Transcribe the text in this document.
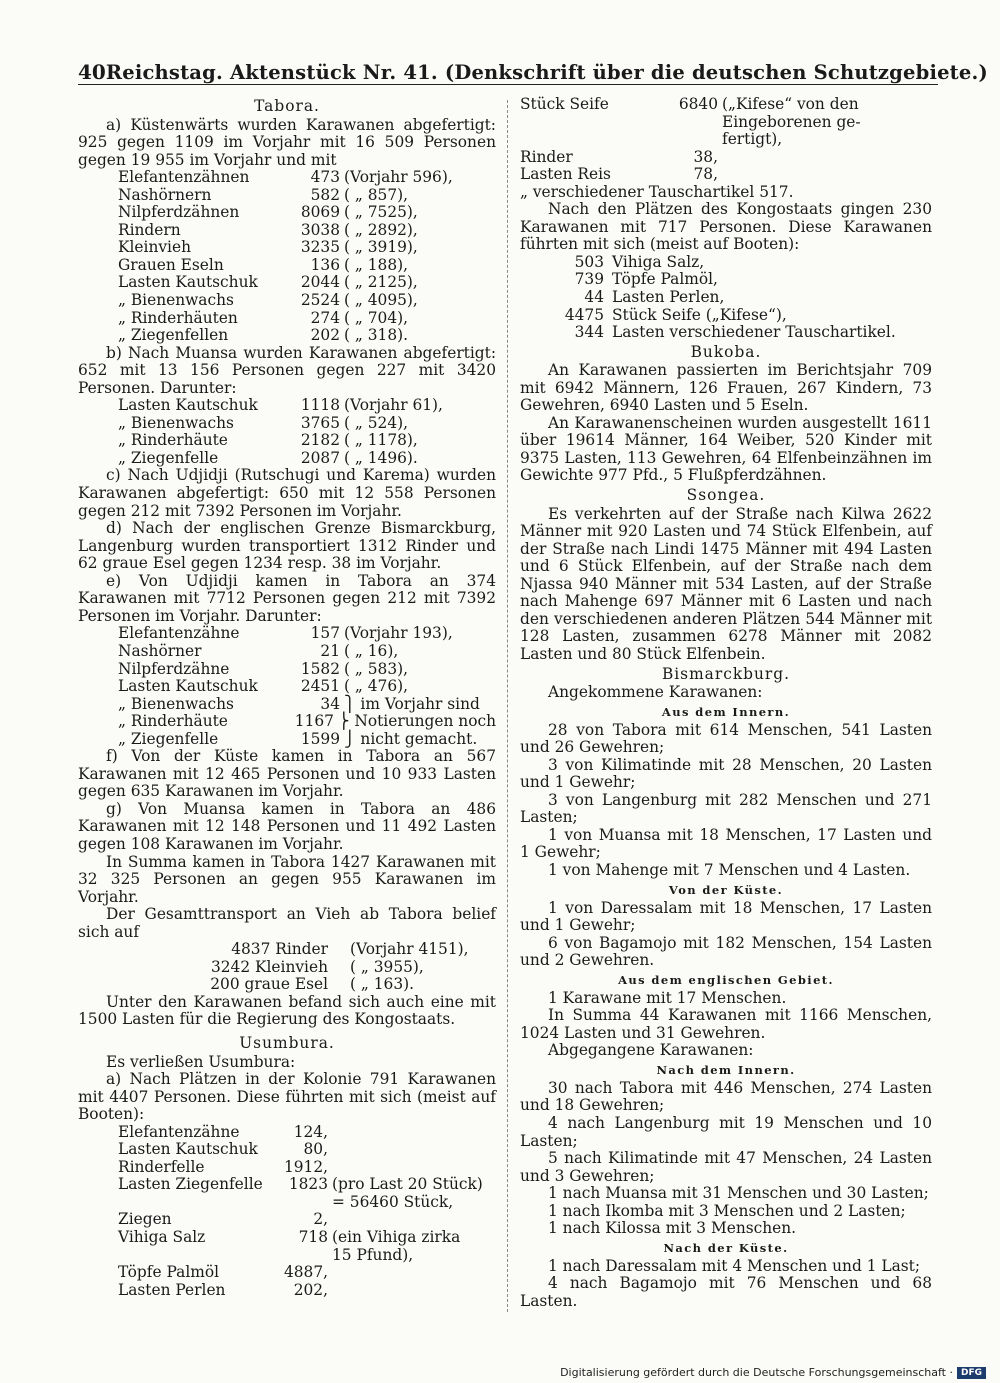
40 Reichstag. Aktenstück Nr. 41. (Denkschrift über die deutschen Schutzgebiete.)

Tabora.

a) Küstenwärts wurden Karawanen abgefertigt: 925 gegen 1109 im Vorjahr mit 16 509 Personen gegen 19 955 im Vorjahr und mit

Elefantenzähnen	473 (Vorjahr 596),
Nashörnern	582 ( „ 857),
Nilpferdzähnen	8069 ( „ 7525),
Rindern	3038 ( „ 2892),
Kleinvieh	3235 ( „ 3919),
Grauen Eseln	136 ( „ 188),
Lasten Kautschuk	2044 ( „ 2125),
„ Bienenwachs	2524 ( „ 4095),
„ Rinderhäuten	274 ( „ 704),
„ Ziegenfellen	202 ( „ 318).

b) Nach Muansa wurden Karawanen abgefertigt: 652 mit 13 156 Personen gegen 227 mit 3420 Personen. Darunter:

Lasten Kautschuk	1118 (Vorjahr 61),
„ Bienenwachs	3765 ( „ 524),
„ Rinderhäute	2182 ( „ 1178),
„ Ziegenfelle	2087 ( „ 1496).

c) Nach Udjidji (Rutschugi und Karema) wurden Karawanen abgefertigt: 650 mit 12 558 Personen gegen 212 mit 7392 Personen im Vorjahr.

d) Nach der englischen Grenze Bismarckburg, Langenburg wurden transportiert 1312 Rinder und 62 graue Esel gegen 1234 resp. 38 im Vorjahr.

e) Von Udjidji kamen in Tabora an 374 Karawanen mit 7712 Personen gegen 212 mit 7392 Personen im Vorjahr. Darunter:

Elefantenzähne	157 (Vorjahr 193),
Nashörner	21 ( „ 16),
Nilpferdzähne	1582 ( „ 583),
Lasten Kautschuk	2451 ( „ 476),
„ Bienenwachs	34 ⎫ im Vorjahr sind
„ Rinderhäute	1167 ⎬ Notierungen noch
„ Ziegenfelle	1599 ⎭ nicht gemacht.

f) Von der Küste kamen in Tabora an 567 Karawanen mit 12 465 Personen und 10 933 Lasten gegen 635 Karawanen im Vorjahr.

g) Von Muansa kamen in Tabora an 486 Karawanen mit 12 148 Personen und 11 492 Lasten gegen 108 Karawanen im Vorjahr.

In Summa kamen in Tabora 1427 Karawanen mit 32 325 Personen an gegen 955 Karawanen im Vorjahr.

Der Gesamttransport an Vieh ab Tabora belief sich auf

4837 Rinder	(Vorjahr 4151),
3242 Kleinvieh	( „ 3955),
200 graue Esel	( „ 163).

Unter den Karawanen befand sich auch eine mit 1500 Lasten für die Regierung des Kongostaats.

Usumbura.

Es verließen Usumbura:

a) Nach Plätzen in der Kolonie 791 Karawanen mit 4407 Personen. Diese führten mit sich (meist auf Booten):

Elefantenzähne	124,
Lasten Kautschuk	80,
Rinderfelle	1912,
Lasten Ziegenfelle	1823 (pro Last 20 Stück)
= 56460 Stück,
Ziegen	2,
Vihiga Salz	718 (ein Vihiga zirka
15 Pfund),
Töpfe Palmöl	4887,
Lasten Perlen	202,
Stück Seife	6840 („Kifese“ von den
Eingeborenen ge-
fertigt),
Rinder	38,
Lasten Reis	78,
„ verschiedener Tauschartikel 517.

Nach den Plätzen des Kongostaats gingen 230 Karawanen mit 717 Personen. Diese Karawanen führten mit sich (meist auf Booten):

503 Vihiga Salz,
739 Töpfe Palmöl,
44 Lasten Perlen,
4475 Stück Seife („Kifese“),
344 Lasten verschiedener Tauschartikel.

Bukoba.

An Karawanen passierten im Berichtsjahr 709 mit 6942 Männern, 126 Frauen, 267 Kindern, 73 Gewehren, 6940 Lasten und 5 Eseln.

An Karawanenscheinen wurden ausgestellt 1611 über 19614 Männer, 164 Weiber, 520 Kinder mit 9375 Lasten, 113 Gewehren, 64 Elfenbeinzähnen im Gewichte 977 Pfd., 5 Flußpferdzähnen.

Ssongea.

Es verkehrten auf der Straße nach Kilwa 2622 Männer mit 920 Lasten und 74 Stück Elfenbein, auf der Straße nach Lindi 1475 Männer mit 494 Lasten und 6 Stück Elfenbein, auf der Straße nach dem Njassa 940 Männer mit 534 Lasten, auf der Straße nach Mahenge 697 Männer mit 6 Lasten und nach den verschiedenen anderen Plätzen 544 Männer mit 128 Lasten, zusammen 6278 Männer mit 2082 Lasten und 80 Stück Elfenbein.

Bismarckburg.

Angekommene Karawanen:

Aus dem Innern.

28 von Tabora mit 614 Menschen, 541 Lasten und 26 Gewehren;

3 von Kilimatinde mit 28 Menschen, 20 Lasten und 1 Gewehr;

3 von Langenburg mit 282 Menschen und 271 Lasten;

1 von Muansa mit 18 Menschen, 17 Lasten und 1 Gewehr;

1 von Mahenge mit 7 Menschen und 4 Lasten.

Von der Küste.

1 von Daressalam mit 18 Menschen, 17 Lasten und 1 Gewehr;

6 von Bagamojo mit 182 Menschen, 154 Lasten und 2 Gewehren.

Aus dem englischen Gebiet.

1 Karawane mit 17 Menschen.

In Summa 44 Karawanen mit 1166 Menschen, 1024 Lasten und 31 Gewehren.

Abgegangene Karawanen:

Nach dem Innern.

30 nach Tabora mit 446 Menschen, 274 Lasten und 18 Gewehren;

4 nach Langenburg mit 19 Menschen und 10 Lasten;

5 nach Kilimatinde mit 47 Menschen, 24 Lasten und 3 Gewehren;

1 nach Muansa mit 31 Menschen und 30 Lasten;

1 nach Ikomba mit 3 Menschen und 2 Lasten;

1 nach Kilossa mit 3 Menschen.

Nach der Küste.

1 nach Daressalam mit 4 Menschen und 1 Last;

4 nach Bagamojo mit 76 Menschen und 68 Lasten.

Digitalisierung gefördert durch die Deutsche Forschungsgemeinschaft · DFG
